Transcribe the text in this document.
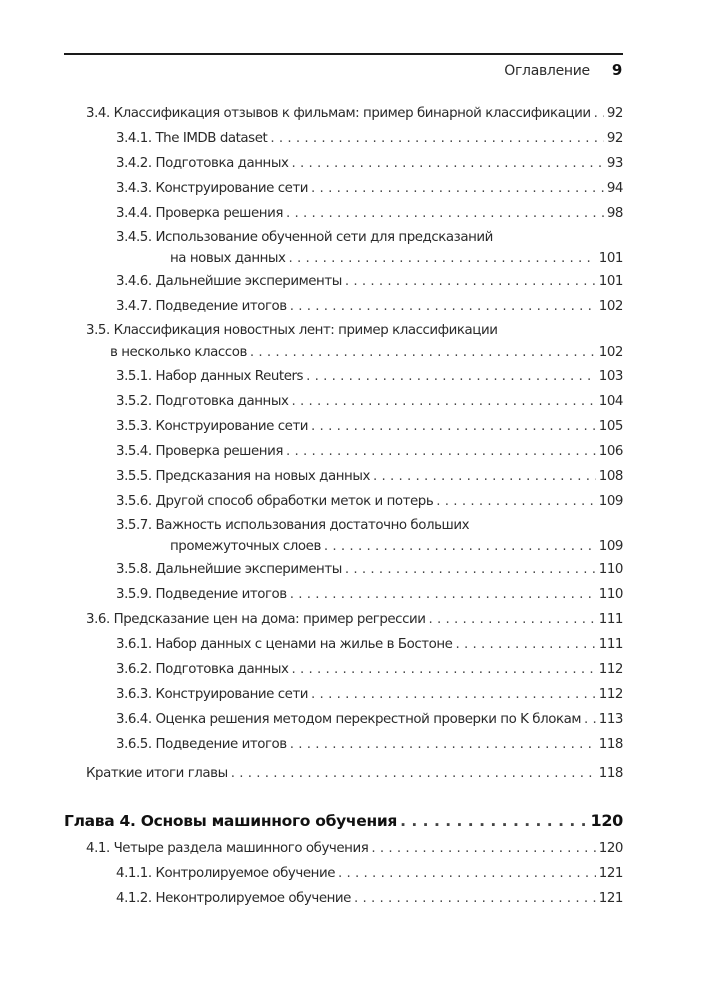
Оглавление 9
3.4. Классификация отзывов к фильмам: пример бинарной классификации . . . 92
3.4.1. The IMDB dataset . . .	92
3.4.2. Подготовка данных . . .	93
3.4.3. Конструирование сети . . .	94
3.4.4. Проверка решения . . .	98
3.4.5. Использование обученной сети для предсказаний
на новых данных . . .	101
3.4.6. Дальнейшие эксперименты . . .	101
3.4.7. Подведение итогов . . .	102
3.5. Классификация новостных лент: пример классификации
в несколько классов . . .	102
3.5.1. Набор данных Reuters . . .	103
3.5.2. Подготовка данных . . .	104
3.5.3. Конструирование сети . . .	105
3.5.4. Проверка решения . . .	106
3.5.5. Предсказания на новых данных . . .	108
3.5.6. Другой способ обработки меток и потерь . . .	109
3.5.7. Важность использования достаточно больших
промежуточных слоев . . .	109
3.5.8. Дальнейшие эксперименты . . .	110
3.5.9. Подведение итогов . . .	110
3.6. Предсказание цен на дома: пример регрессии . . .	111
3.6.1. Набор данных с ценами на жилье в Бостоне . . .	111
3.6.2. Подготовка данных . . .	112
3.6.3. Конструирование сети . . .	112
3.6.4. Оценка решения методом перекрестной проверки по K блокам . . . 113
3.6.5. Подведение итогов . . .	118
Краткие итоги главы . . .	118
Глава 4. Основы машинного обучения . . .	120
4.1. Четыре раздела машинного обучения . . .	120
4.1.1. Контролируемое обучение . . .	121
4.1.2. Неконтролируемое обучение . . .	121
